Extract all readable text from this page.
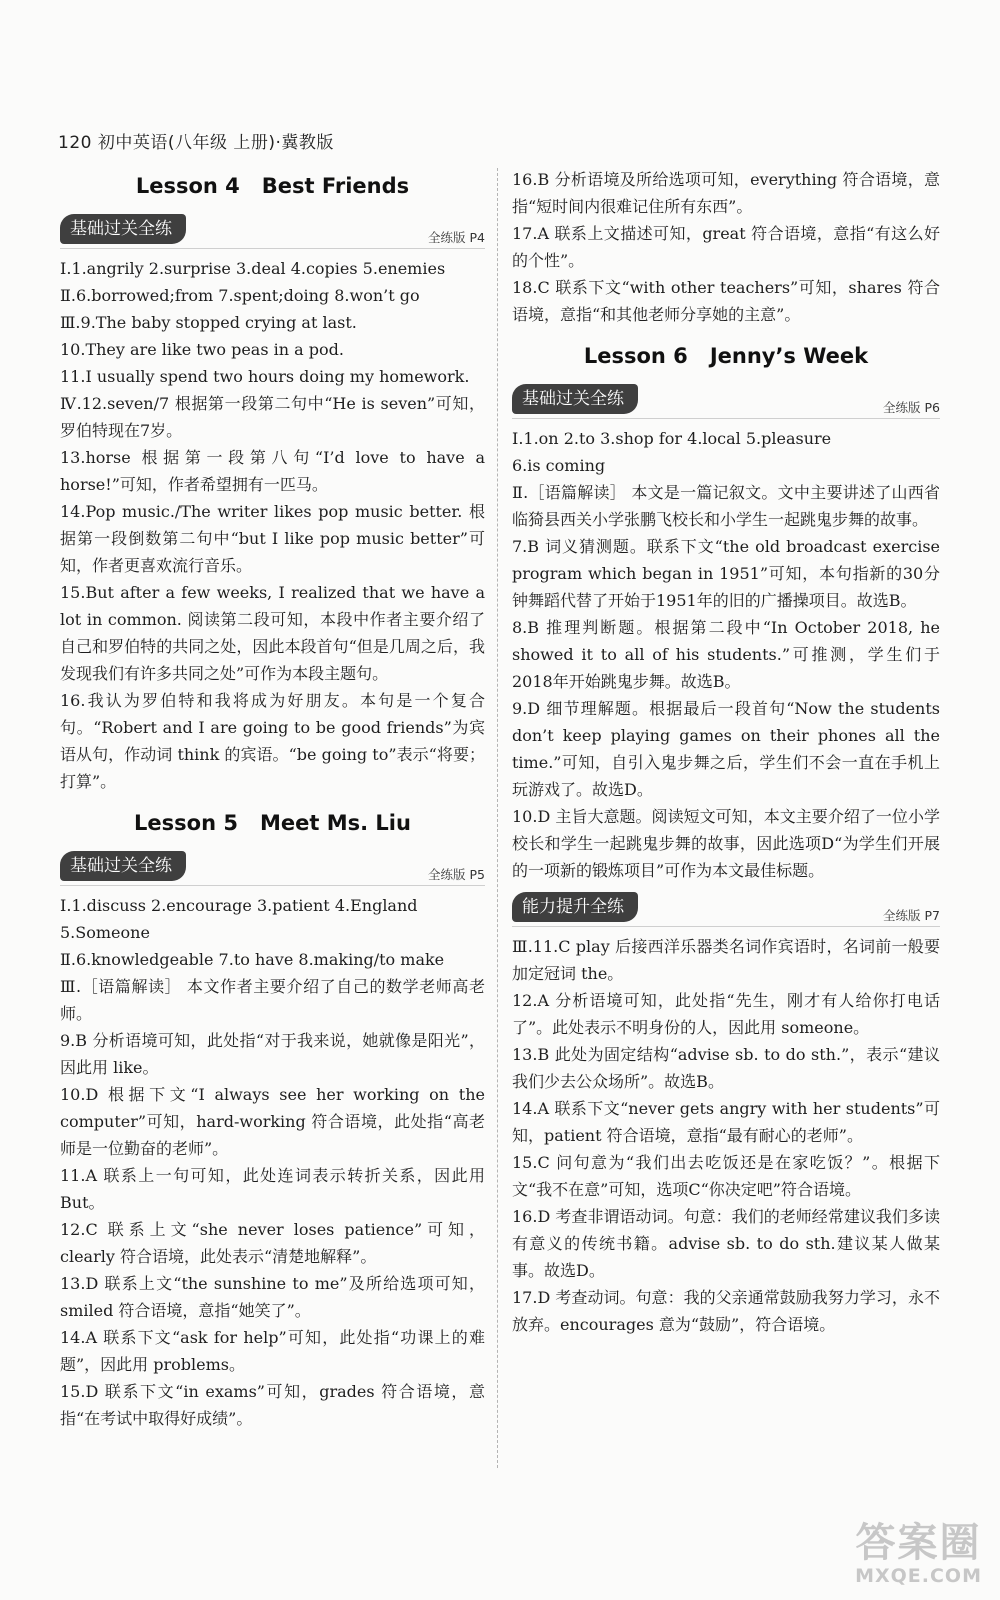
120 初中英语(八年级 上册)·冀教版
Lesson 4 Best Friends
基础过关全练	全练版 P4

Ⅰ.1.angrily 2.surprise 3.deal 4.copies 5.enemies

Ⅱ.6.borrowed;from 7.spent;doing 8.won’t go

Ⅲ.9.The baby stopped crying at last.

10.They are like two peas in a pod.

11.I usually spend two hours doing my homework.

Ⅳ.12.seven/7 根据第一段第二句中“He is seven”可知，罗伯特现在7岁。

13.horse 根据第一段第八句“I’d love to have a horse!”可知，作者希望拥有一匹马。

14.Pop music./The writer likes pop music better. 根据第一段倒数第二句中“but I like pop music better”可知，作者更喜欢流行音乐。

15.But after a few weeks, I realized that we have a lot in common. 阅读第二段可知，本段中作者主要介绍了自己和罗伯特的共同之处，因此本段首句“但是几周之后，我发现我们有许多共同之处”可作为本段主题句。

16.我认为罗伯特和我将成为好朋友。本句是一个复合句。“Robert and I are going to be good friends”为宾语从句，作动词 think 的宾语。“be going to”表示“将要；打算”。

Lesson 5 Meet Ms. Liu
基础过关全练	全练版 P5

Ⅰ.1.discuss 2.encourage 3.patient 4.England

5.Someone

Ⅱ.6.knowledgeable 7.to have 8.making/to make

Ⅲ.［语篇解读］ 本文作者主要介绍了自己的数学老师高老师。

9.B 分析语境可知，此处指“对于我来说，她就像是阳光”，因此用 like。

10.D 根据下文“I always see her working on the computer”可知，hard-working 符合语境，此处指“高老师是一位勤奋的老师”。

11.A 联系上一句可知，此处连词表示转折关系，因此用 But。

12.C 联系上文“she never loses patience”可知，clearly 符合语境，此处表示“清楚地解释”。

13.D 联系上文“the sunshine to me”及所给选项可知，smiled 符合语境，意指“她笑了”。

14.A 联系下文“ask for help”可知，此处指“功课上的难题”，因此用 problems。

15.D 联系下文“in exams”可知，grades 符合语境，意指“在考试中取得好成绩”。

16.B 分析语境及所给选项可知，everything 符合语境，意指“短时间内很难记住所有东西”。

17.A 联系上文描述可知，great 符合语境，意指“有这么好的个性”。

18.C 联系下文“with other teachers”可知，shares 符合语境，意指“和其他老师分享她的主意”。

Lesson 6 Jenny’s Week
基础过关全练	全练版 P6

Ⅰ.1.on 2.to 3.shop for 4.local 5.pleasure

6.is coming

Ⅱ.［语篇解读］ 本文是一篇记叙文。文中主要讲述了山西省临猗县西关小学张鹏飞校长和小学生一起跳鬼步舞的故事。

7.B 词义猜测题。联系下文“the old broadcast exercise program which began in 1951”可知，本句指新的30分钟舞蹈代替了开始于1951年的旧的广播操项目。故选B。

8.B 推理判断题。根据第二段中“In October 2018, he showed it to all of his students.”可推测，学生们于2018年开始跳鬼步舞。故选B。

9.D 细节理解题。根据最后一段首句“Now the students don’t keep playing games on their phones all the time.”可知，自引入鬼步舞之后，学生们不会一直在手机上玩游戏了。故选D。

10.D 主旨大意题。阅读短文可知，本文主要介绍了一位小学校长和学生一起跳鬼步舞的故事，因此选项D“为学生们开展的一项新的锻炼项目”可作为本文最佳标题。

能力提升全练	全练版 P7

Ⅲ.11.C play 后接西洋乐器类名词作宾语时，名词前一般要加定冠词 the。

12.A 分析语境可知，此处指“先生，刚才有人给你打电话了”。此处表示不明身份的人，因此用 someone。

13.B 此处为固定结构“advise sb. to do sth.”，表示“建议我们少去公众场所”。故选B。

14.A 联系下文“never gets angry with her students”可知，patient 符合语境，意指“最有耐心的老师”。

15.C 问句意为“我们出去吃饭还是在家吃饭？”。根据下文“我不在意”可知，选项C“你决定吧”符合语境。

16.D 考查非谓语动词。句意：我们的老师经常建议我们多读有意义的传统书籍。advise sb. to do sth.建议某人做某事。故选D。

17.D 考查动词。句意：我的父亲通常鼓励我努力学习，永不放弃。encourages 意为“鼓励”，符合语境。

答案圈
MXQE.COM
